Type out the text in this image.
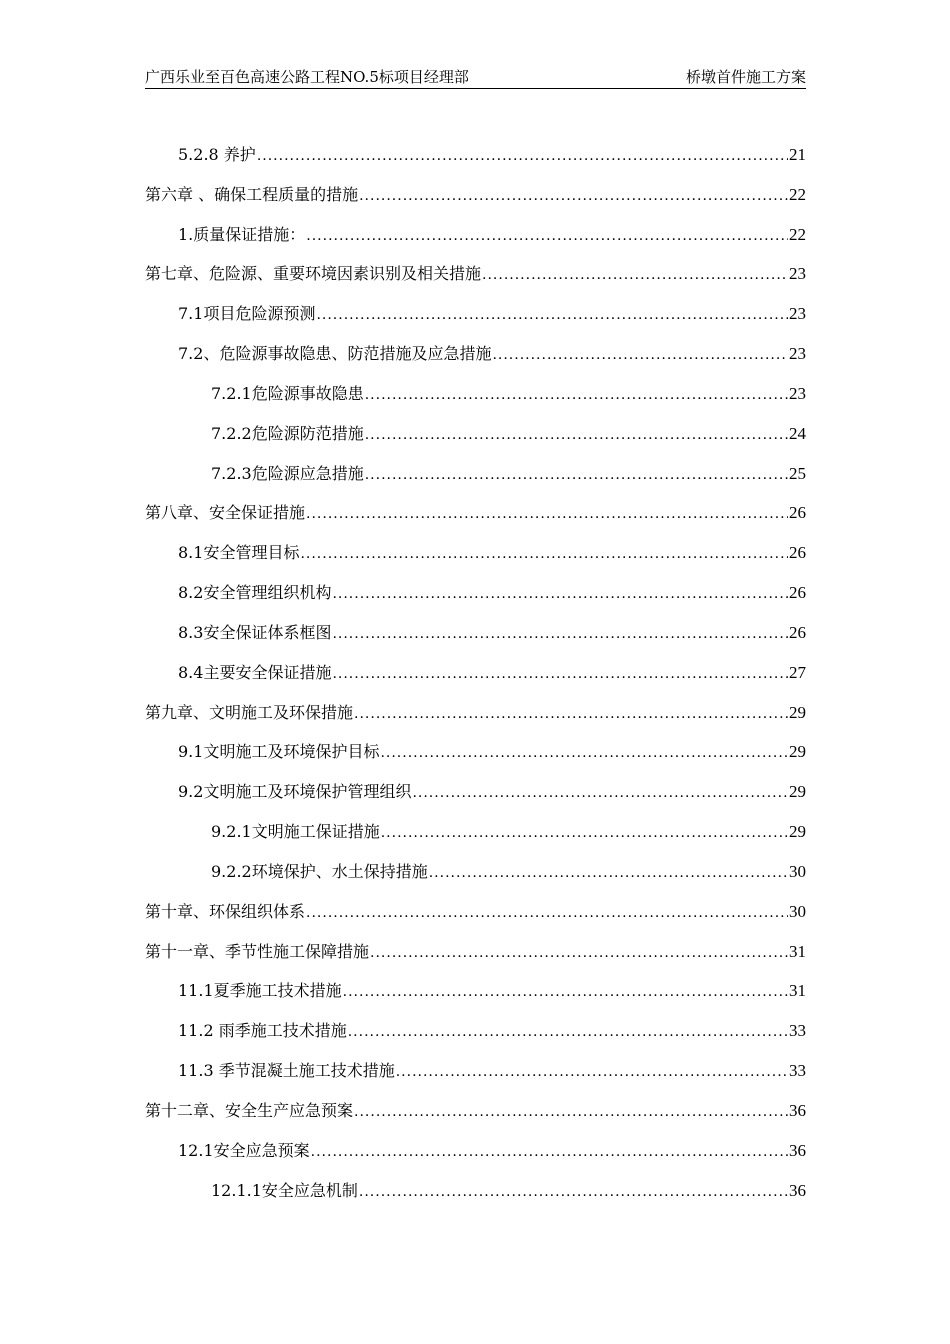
广西乐业至百色高速公路工程NO.5标项目经理部	桥墩首件施工方案
5.2.8 养护 .....	21
第六章 、确保工程质量的措施 .....	22
1.质量保证措施： .....	22
第七章、危险源、重要环境因素识别及相关措施 .....	23
7.1项目危险源预测 .....	23
7.2、危险源事故隐患、防范措施及应急措施 .....	23
7.2.1危险源事故隐患 .....	23
7.2.2危险源防范措施 .....	24
7.2.3危险源应急措施 .....	25
第八章、安全保证措施 .....	26
8.1安全管理目标 .....	26
8.2安全管理组织机构 .....	26
8.3安全保证体系框图 .....	26
8.4主要安全保证措施 .....	27
第九章、文明施工及环保措施 .....	29
9.1文明施工及环境保护目标 .....	29
9.2文明施工及环境保护管理组织 .....	29
9.2.1文明施工保证措施 .....	29
9.2.2环境保护、水土保持措施 .....	30
第十章、环保组织体系 .....	30
第十一章、季节性施工保障措施 .....	31
11.1夏季施工技术措施 .....	31
11.2 雨季施工技术措施 .....	33
11.3 季节混凝土施工技术措施 .....	33
第十二章、安全生产应急预案 .....	36
12.1安全应急预案 .....	36
12.1.1安全应急机制 .....	36
